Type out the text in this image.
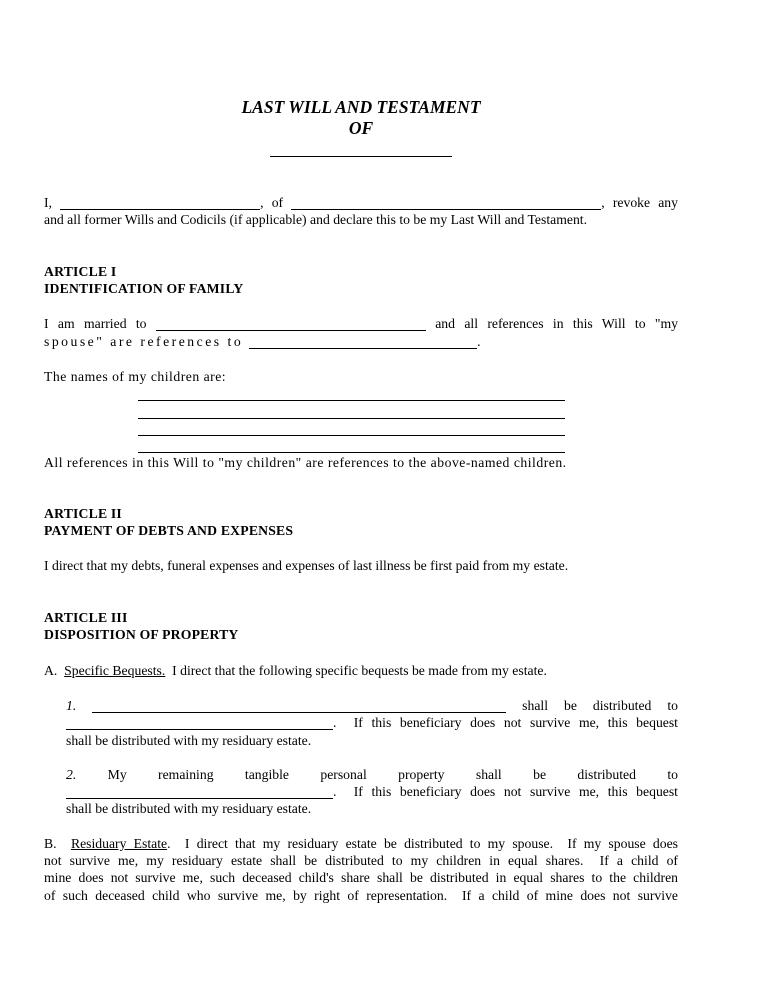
LAST WILL AND TESTAMENT
OF
I,	, of	, revoke any
and all former Wills and Codicils (if applicable) and declare this to be my Last Will and Testament.
ARTICLE I
IDENTIFICATION OF FAMILY
I am married to	and all references in this Will to "my
spouse" are references to	.
The names of my children are:
All references in this Will to "my children" are references to the above-named children.
ARTICLE II
PAYMENT OF DEBTS AND EXPENSES
I direct that my debts, funeral expenses and expenses of last illness be first paid from my estate.
ARTICLE III
DISPOSITION OF PROPERTY
A.  Specific Bequests.  I direct that the following specific bequests be made from my estate.
1.	shall be distributed to
.  If this beneficiary does not survive me, this bequest
shall be distributed with my residuary estate.
2. My remaining tangible personal property shall be distributed to
.  If this beneficiary does not survive me, this bequest
shall be distributed with my residuary estate.
B.  Residuary Estate.  I direct that my residuary estate be distributed to my spouse.  If my spouse does
not survive me, my residuary estate shall be distributed to my children in equal shares.  If a child of
mine does not survive me, such deceased child's share shall be distributed in equal shares to the children
of such deceased child who survive me, by right of representation.  If a child of mine does not survive
